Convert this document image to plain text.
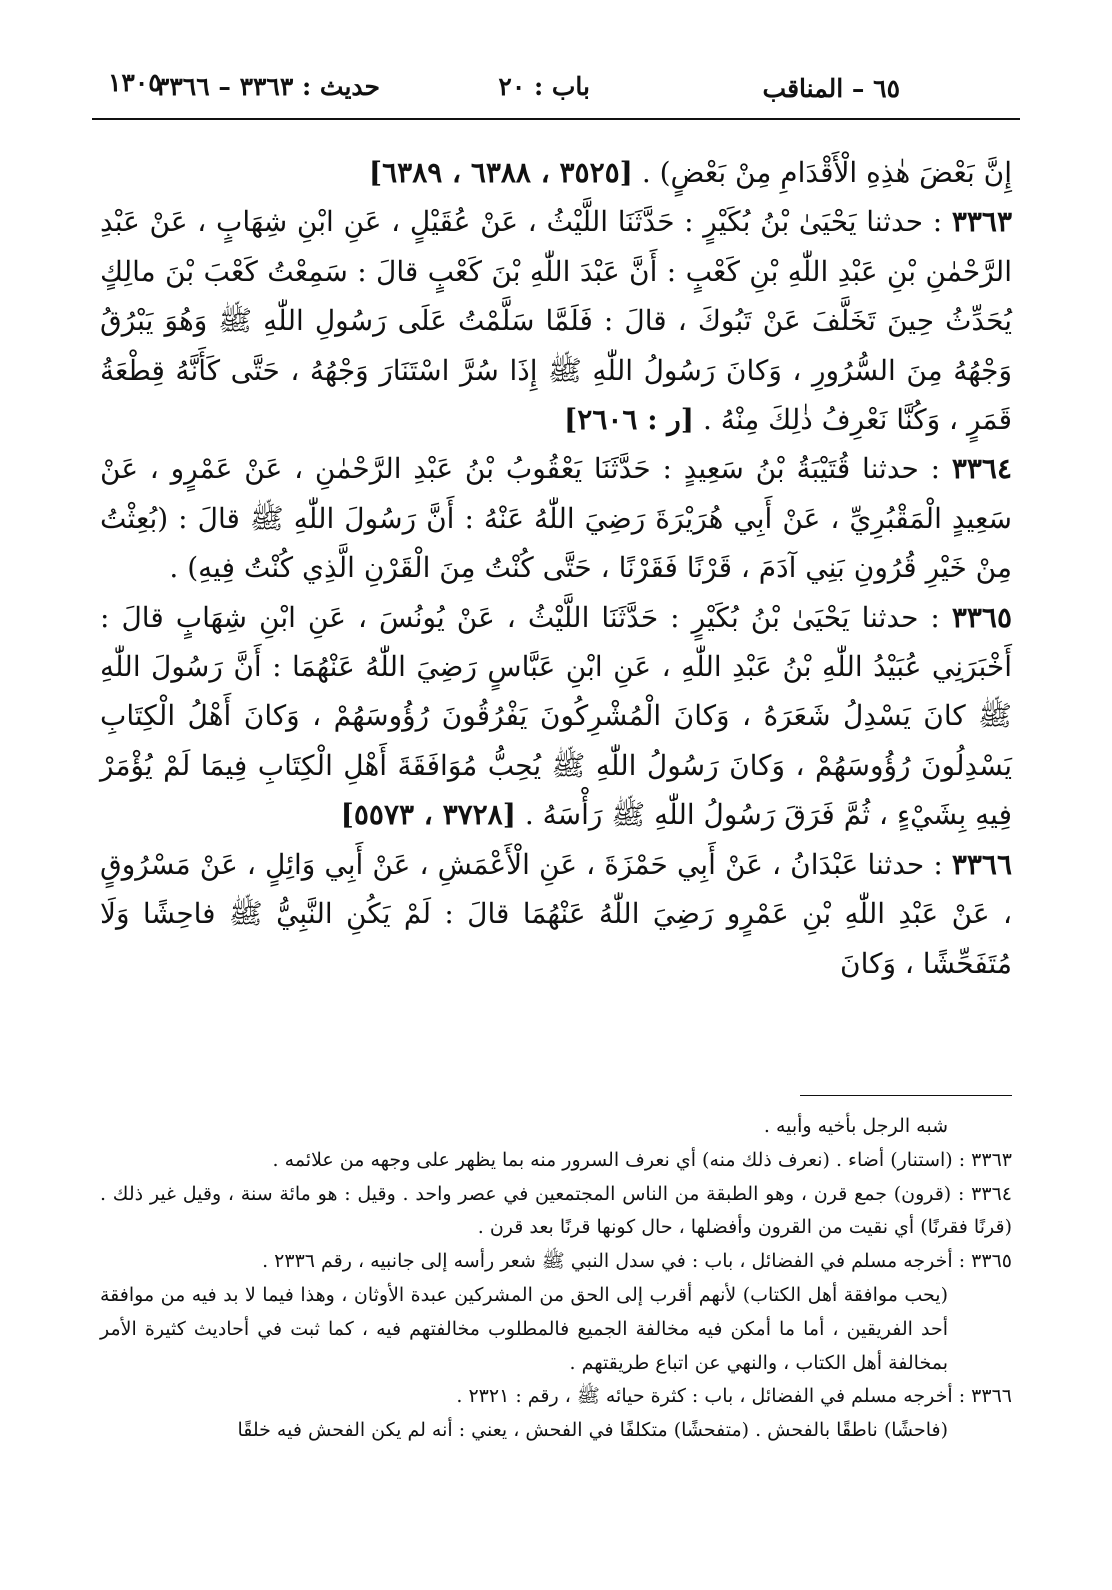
٦٥ – المناقب
باب : ٢٠
حديث : ٣٣٦٣ – ٣٣٦٦
١٣٠٥

إِنَّ بَعْضَ هٰذِهِ الْأَقْدَامِ مِنْ بَعْضٍ) . [٣٥٢٥ ، ٦٣٨٨ ، ٦٣٨٩]

٣٣٦٣ : حدثنا يَحْيَىٰ بْنُ بُكَيْرٍ : حَدَّثَنَا اللَّيْثُ ، عَنْ عُقَيْلٍ ، عَنِ ابْنِ شِهَابٍ ، عَنْ عَبْدِ الرَّحْمٰنِ بْنِ عَبْدِ اللّٰهِ بْنِ كَعْبٍ : أَنَّ عَبْدَ اللّٰهِ بْنَ كَعْبٍ قالَ : سَمِعْتُ كَعْبَ بْنَ مالِكٍ يُحَدِّثُ حِينَ تَخَلَّفَ عَنْ تَبُوكَ ، قالَ : فَلَمَّا سَلَّمْتُ عَلَى رَسُولِ اللّٰهِ ﷺ وَهُوَ يَبْرُقُ وَجْهُهُ مِنَ السُّرُورِ ، وَكانَ رَسُولُ اللّٰهِ ﷺ إِذَا سُرَّ اسْتَنَارَ وَجْهُهُ ، حَتَّى كَأَنَّهُ قِطْعَةُ قَمَرٍ ، وَكُنَّا نَعْرِفُ ذٰلِكَ مِنْهُ . [ر : ٢٦٠٦]

٣٣٦٤ : حدثنا قُتَيْبَةُ بْنُ سَعِيدٍ : حَدَّثَنَا يَعْقُوبُ بْنُ عَبْدِ الرَّحْمٰنِ ، عَنْ عَمْرٍو ، عَنْ سَعِيدٍ الْمَقْبُرِيِّ ، عَنْ أَبِي هُرَيْرَةَ رَضِيَ اللّٰهُ عَنْهُ : أَنَّ رَسُولَ اللّٰهِ ﷺ قالَ : (بُعِثْتُ مِنْ خَيْرِ قُرُونِ بَنِي آدَمَ ، قَرْنًا فَقَرْنًا ، حَتَّى كُنْتُ مِنَ الْقَرْنِ الَّذِي كُنْتُ فِيهِ) .

٣٣٦٥ : حدثنا يَحْيَىٰ بْنُ بُكَيْرٍ : حَدَّثَنَا اللَّيْثُ ، عَنْ يُونُسَ ، عَنِ ابْنِ شِهَابٍ قالَ : أَخْبَرَنِي عُبَيْدُ اللّٰهِ بْنُ عَبْدِ اللّٰهِ ، عَنِ ابْنِ عَبَّاسٍ رَضِيَ اللّٰهُ عَنْهُمَا : أَنَّ رَسُولَ اللّٰهِ ﷺ كانَ يَسْدِلُ شَعَرَهُ ، وَكانَ الْمُشْرِكُونَ يَفْرُقُونَ رُؤُوسَهُمْ ، وَكانَ أَهْلُ الْكِتَابِ يَسْدِلُونَ رُؤُوسَهُمْ ، وَكانَ رَسُولُ اللّٰهِ ﷺ يُحِبُّ مُوَافَقَةَ أَهْلِ الْكِتَابِ فِيمَا لَمْ يُؤْمَرْ فِيهِ بِشَيْءٍ ، ثُمَّ فَرَقَ رَسُولُ اللّٰهِ ﷺ رَأْسَهُ . [٣٧٢٨ ، ٥٥٧٣]

٣٣٦٦ : حدثنا عَبْدَانُ ، عَنْ أَبِي حَمْزَةَ ، عَنِ الْأَعْمَشِ ، عَنْ أَبِي وَائِلٍ ، عَنْ مَسْرُوقٍ ، عَنْ عَبْدِ اللّٰهِ بْنِ عَمْرٍو رَضِيَ اللّٰهُ عَنْهُمَا قالَ : لَمْ يَكُنِ النَّبِيُّ ﷺ فاحِشًا وَلَا مُتَفَحِّشًا ، وَكانَ

شبه الرجل بأخيه وأبيه .

٣٣٦٣ : (استنار) أضاء . (نعرف ذلك منه) أي نعرف السرور منه بما يظهر على وجهه من علائمه .

٣٣٦٤ : (قرون) جمع قرن ، وهو الطبقة من الناس المجتمعين في عصر واحد . وقيل : هو مائة سنة ، وقيل غير ذلك . (قرنًا فقرنًا) أي نقيت من القرون وأفضلها ، حال كونها قرنًا بعد قرن .

٣٣٦٥ : أخرجه مسلم في الفضائل ، باب : في سدل النبي ﷺ شعر رأسه إلى جانبيه ، رقم ٢٣٣٦ .

(يحب موافقة أهل الكتاب) لأنهم أقرب إلى الحق من المشركين عبدة الأوثان ، وهذا فيما لا بد فيه من موافقة أحد الفريقين ، أما ما أمكن فيه مخالفة الجميع فالمطلوب مخالفتهم فيه ، كما ثبت في أحاديث كثيرة الأمر بمخالفة أهل الكتاب ، والنهي عن اتباع طريقتهم .

٣٣٦٦ : أخرجه مسلم في الفضائل ، باب : كثرة حيائه ﷺ ، رقم : ٢٣٢١ .

(فاحشًا) ناطقًا بالفحش . (متفحشًا) متكلفًا في الفحش ، يعني : أنه لم يكن الفحش فيه خلقًا
